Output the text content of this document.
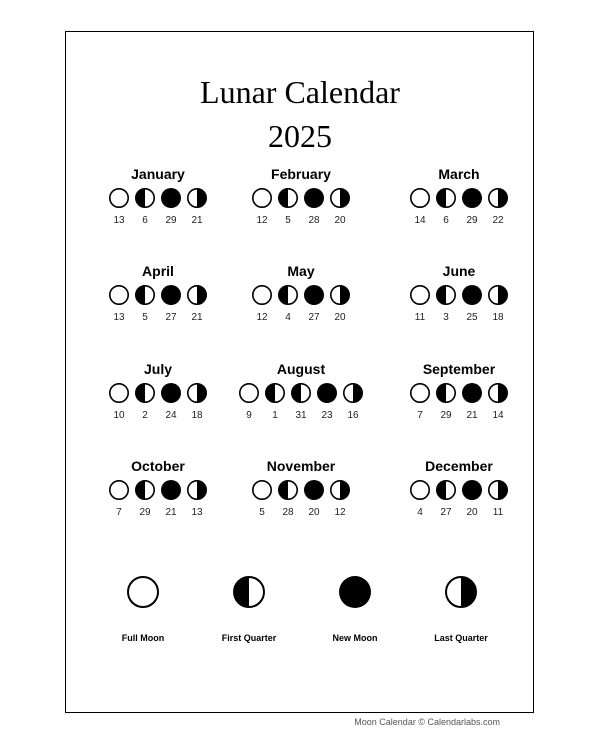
Lunar Calendar
2025
January
13 6 29 21
February
12 5 28 20
March
14 6 29 22
April
13 5 27 21
May
12 4 27 20
June
11 3 25 18
July
10 2 24 18
August
9 1 31 23 16
September
7 29 21 14
October
7 29 21 13
November
5 28 20 12
December
4 27 20 11
Full Moon	First Quarter	New Moon	Last Quarter
Moon Calendar © Calendarlabs.com
